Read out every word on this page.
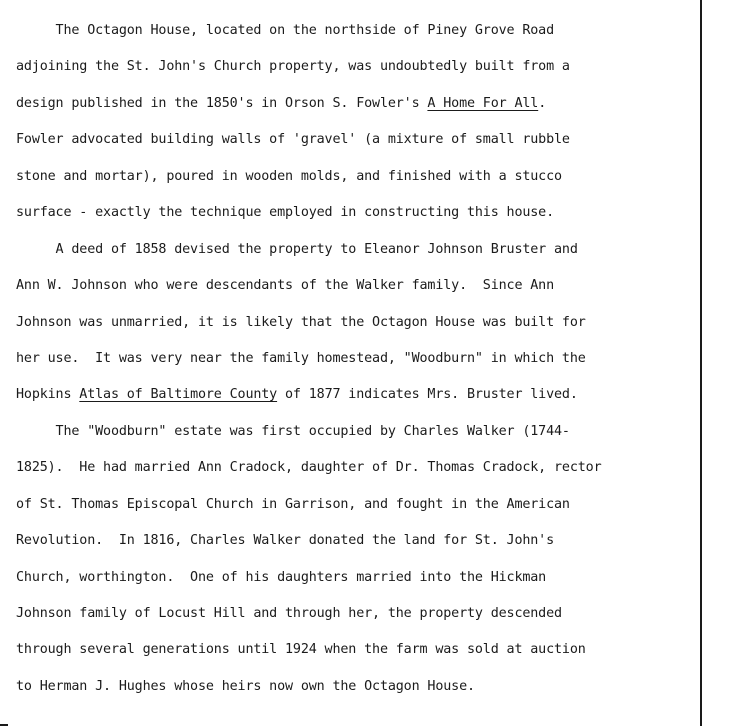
The Octagon House, located on the northside of Piney Grove Road
adjoining the St. John's Church property, was undoubtedly built from a
design published in the 1850's in Orson S. Fowler's A Home For All.
Fowler advocated building walls of 'gravel' (a mixture of small rubble
stone and mortar), poured in wooden molds, and finished with a stucco
surface - exactly the technique employed in constructing this house.
A deed of 1858 devised the property to Eleanor Johnson Bruster and
Ann W. Johnson who were descendants of the Walker family.  Since Ann
Johnson was unmarried, it is likely that the Octagon House was built for
her use.  It was very near the family homestead, "Woodburn" in which the
Hopkins Atlas of Baltimore County of 1877 indicates Mrs. Bruster lived.
The "Woodburn" estate was first occupied by Charles Walker (1744-
1825).  He had married Ann Cradock, daughter of Dr. Thomas Cradock, rector
of St. Thomas Episcopal Church in Garrison, and fought in the American
Revolution.  In 1816, Charles Walker donated the land for St. John's
Church, worthington.  One of his daughters married into the Hickman
Johnson family of Locust Hill and through her, the property descended
through several generations until 1924 when the farm was sold at auction
to Herman J. Hughes whose heirs now own the Octagon House.
